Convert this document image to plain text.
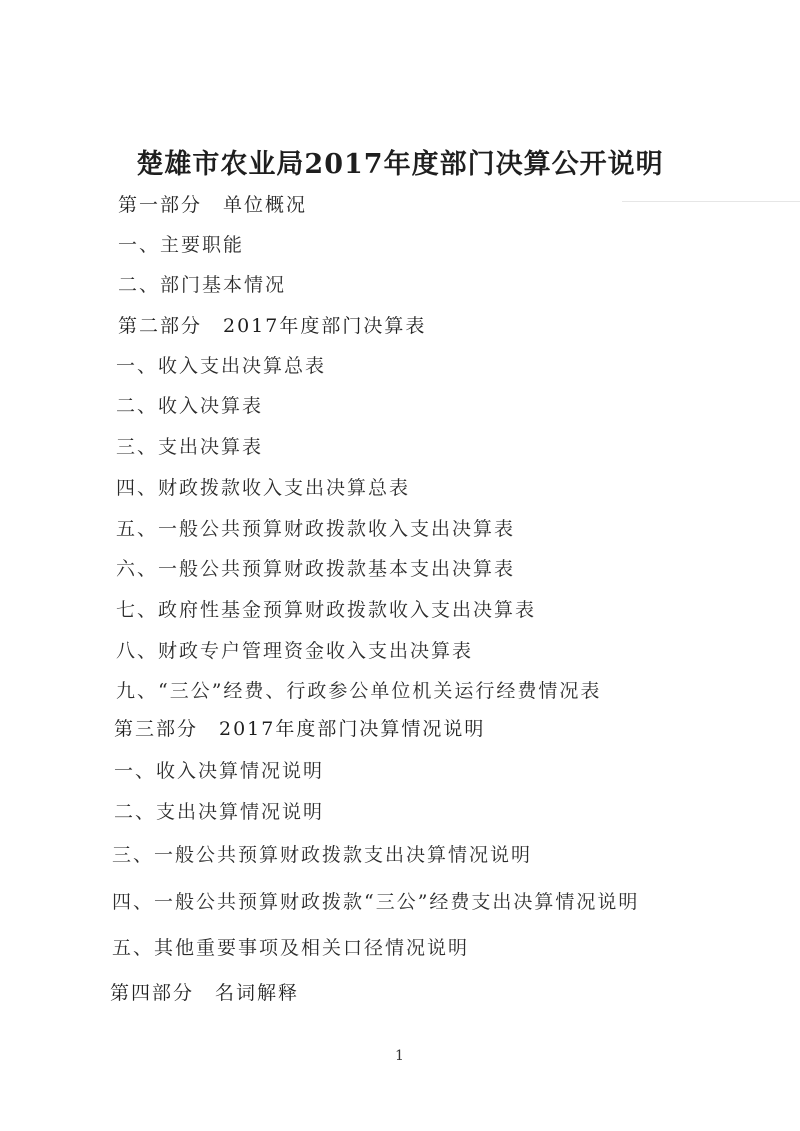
楚雄市农业局2017年度部门决算公开说明
第一部分　单位概况
一、主要职能
二、部门基本情况
第二部分　2017年度部门决算表
一、收入支出决算总表
二、收入决算表
三、支出决算表
四、财政拨款收入支出决算总表
五、一般公共预算财政拨款收入支出决算表
六、一般公共预算财政拨款基本支出决算表
七、政府性基金预算财政拨款收入支出决算表
八、财政专户管理资金收入支出决算表
九、“三公”经费、行政参公单位机关运行经费情况表
第三部分　2017年度部门决算情况说明
一、收入决算情况说明
二、支出决算情况说明
三、一般公共预算财政拨款支出决算情况说明
四、一般公共预算财政拨款“三公”经费支出决算情况说明
五、其他重要事项及相关口径情况说明
第四部分　名词解释
1
